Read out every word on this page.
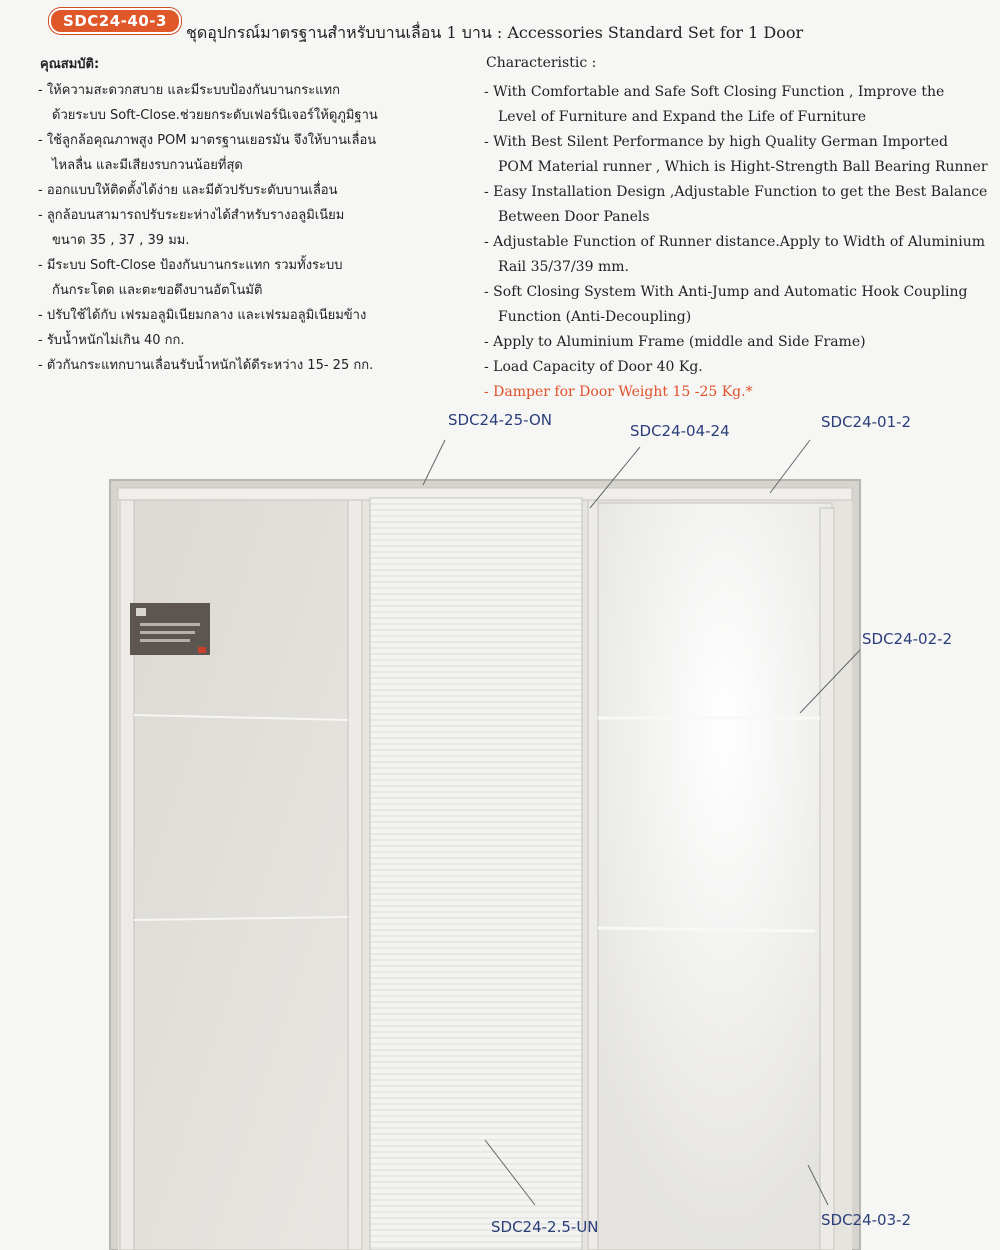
SDC24-40-3
ชุดอุปกรณ์มาตรฐานสำหรับบานเลื่อน 1 บาน : Accessories Standard Set for 1 Door
คุณสมบัติ:
- ให้ความสะดวกสบาย และมีระบบป้องกันบานกระแทก
ด้วยระบบ Soft-Close.ช่วยยกระดับเฟอร์นิเจอร์ให้ดูภูมิฐาน
- ใช้ลูกล้อคุณภาพสูง POM มาตรฐานเยอรมัน จึงให้บานเลื่อน
ไหลลื่น และมีเสียงรบกวนน้อยที่สุด
- ออกแบบให้ติดตั้งได้ง่าย และมีตัวปรับระดับบานเลื่อน
- ลูกล้อบนสามารถปรับระยะห่างได้สำหรับรางอลูมิเนียม
ขนาด 35 , 37 , 39 มม.
- มีระบบ Soft-Close ป้องกันบานกระแทก รวมทั้งระบบ
กันกระโดด และตะขอดึงบานอัตโนมัติ
- ปรับใช้ได้กับ เฟรมอลูมิเนียมกลาง และเฟรมอลูมิเนียมข้าง
- รับน้ำหนักไม่เกิน 40 กก.
- ตัวกันกระแทกบานเลื่อนรับน้ำหนักได้ดีระหว่าง 15- 25 กก.
Characteristic :
- With Comfortable and Safe Soft Closing Function , Improve the
Level of Furniture and Expand the Life of Furniture
- With Best Silent Performance by high Quality German Imported
POM Material runner , Which is Hight-Strength Ball Bearing Runner
- Easy Installation Design ,Adjustable Function to get the Best Balance
Between Door Panels
- Adjustable Function of Runner distance.Apply to Width of Aluminium
Rail 35/37/39 mm.
- Soft Closing System With Anti-Jump and Automatic Hook Coupling
Function (Anti-Decoupling)
- Apply to Aluminium Frame (middle and Side Frame)
- Load Capacity of Door 40 Kg.
- Damper for Door Weight 15 -25 Kg.*
SDC24-25-ON
SDC24-04-24	SDC24-01-2
SDC24-02-2
SDC24-2.5-UN	SDC24-03-2
